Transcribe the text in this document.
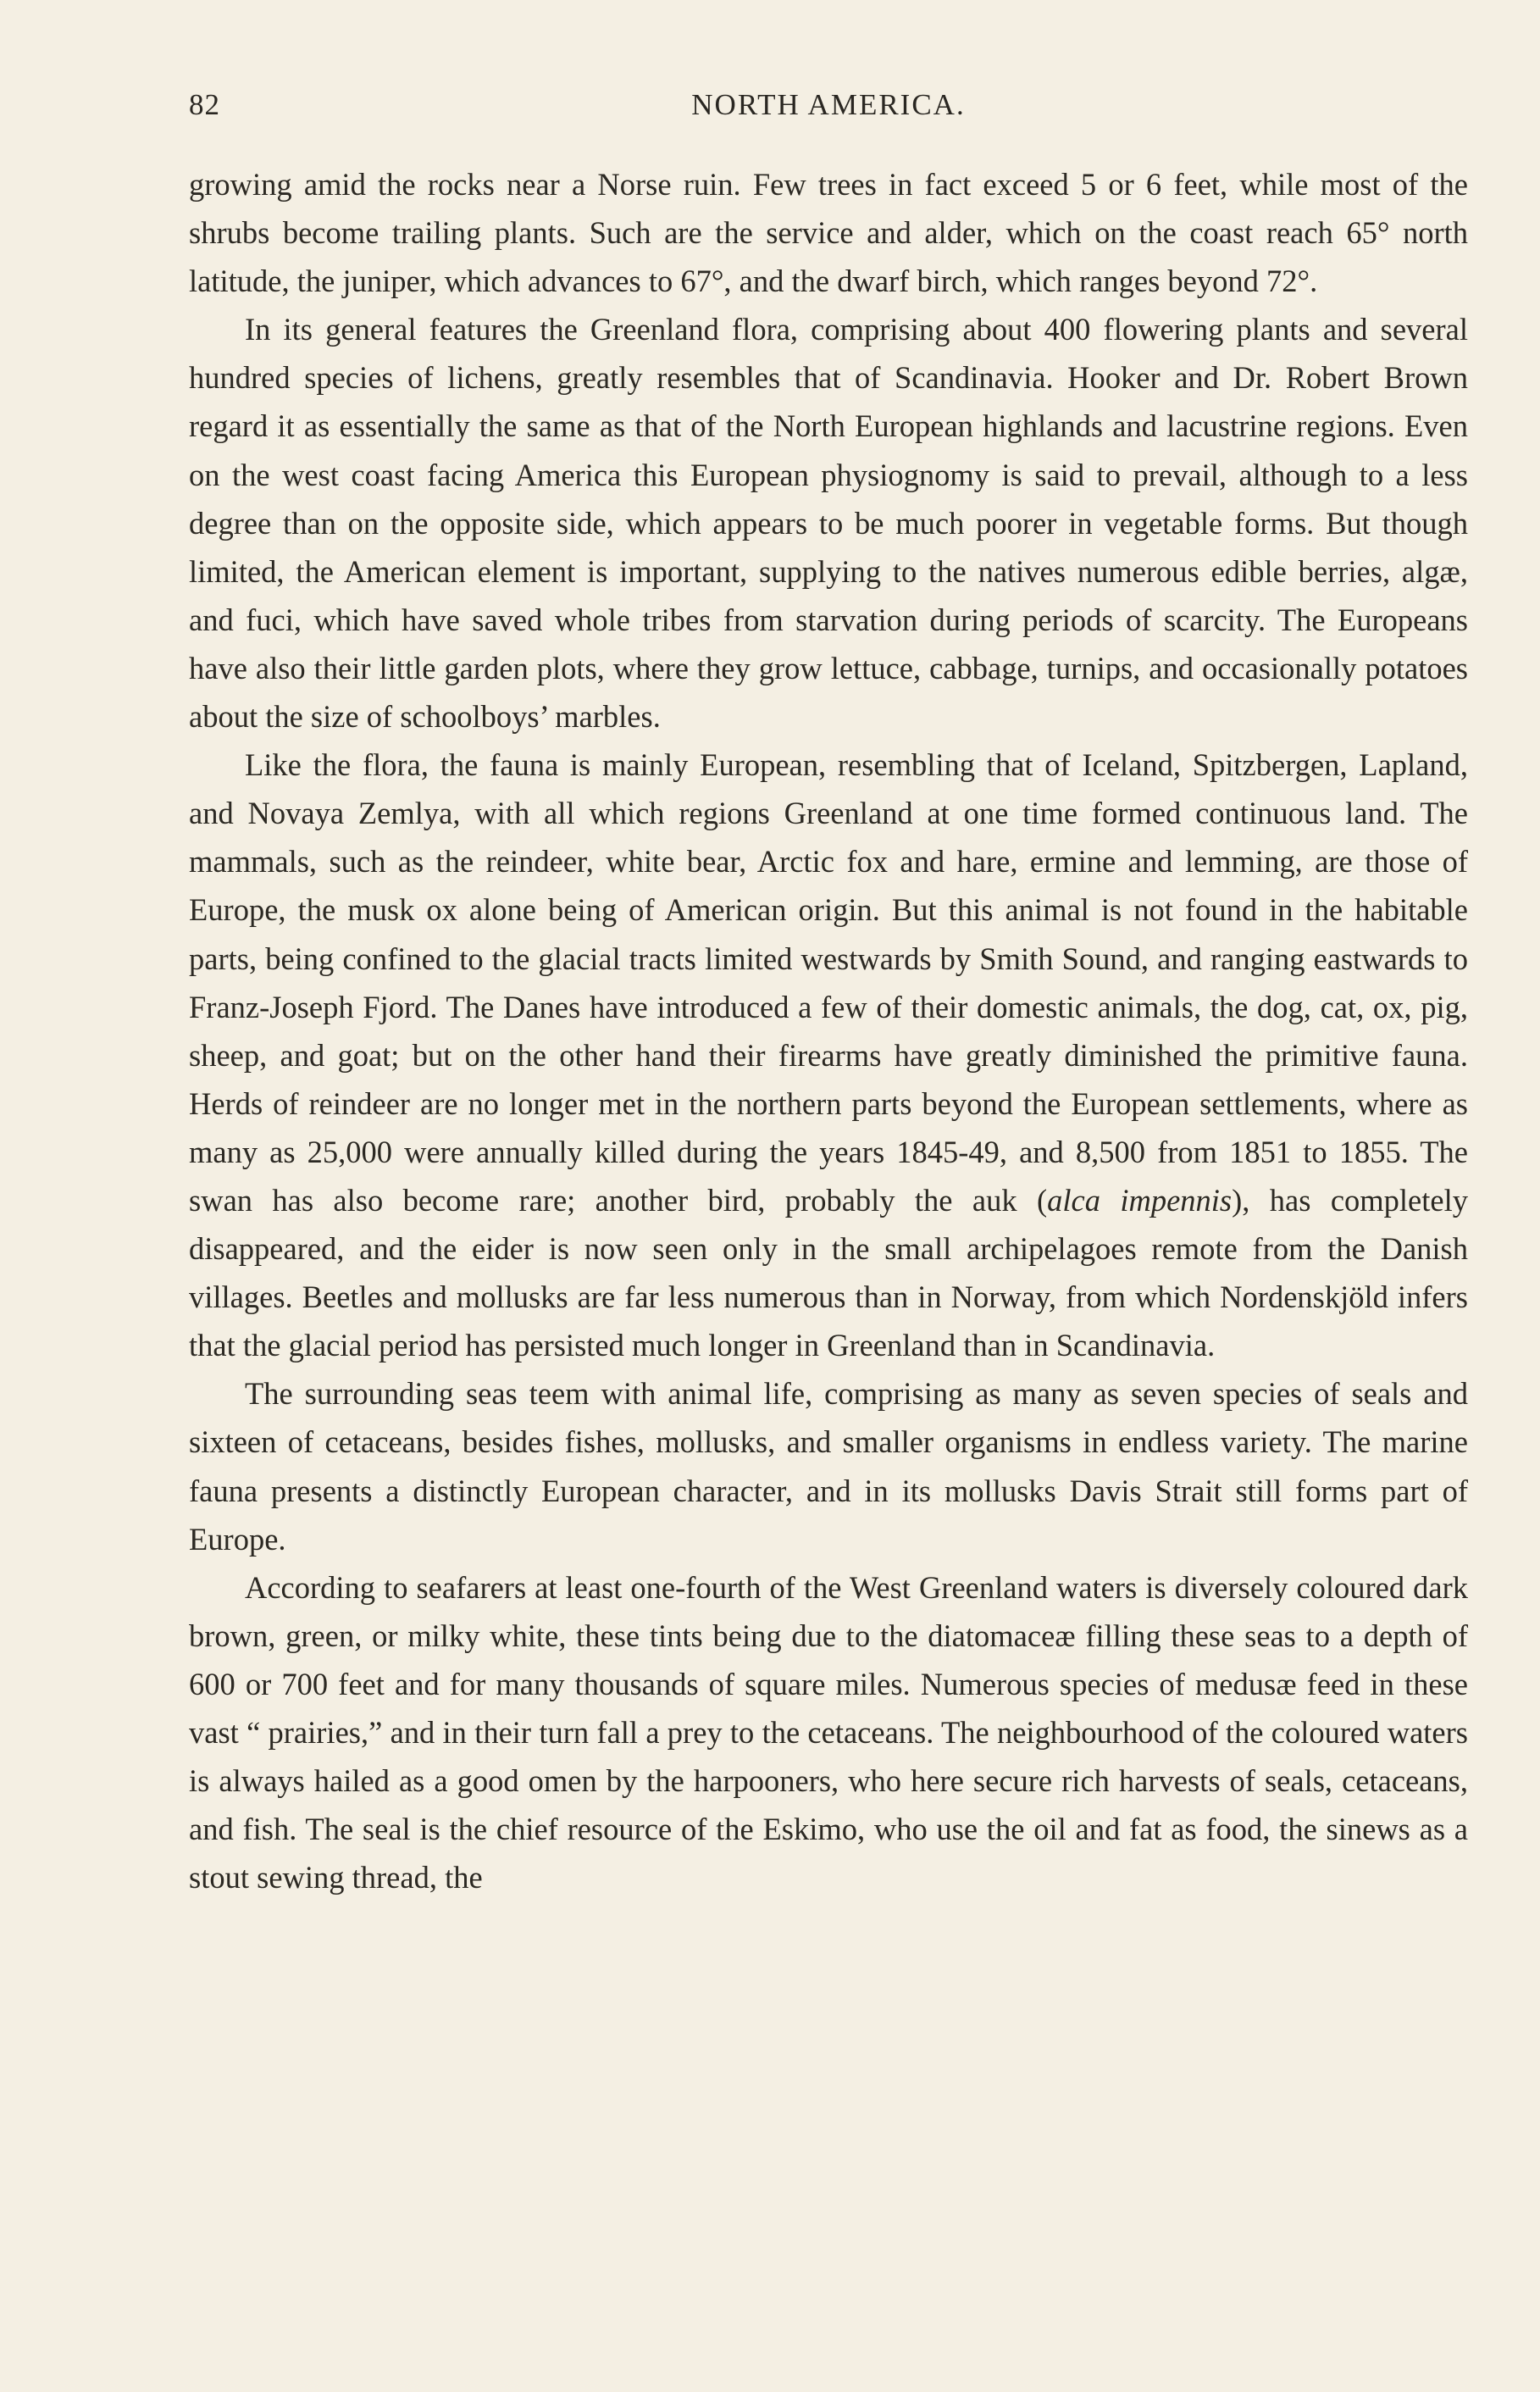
82	NORTH AMERICA.

growing amid the rocks near a Norse ruin. Few trees in fact exceed 5 or 6 feet, while most of the shrubs become trailing plants. Such are the service and alder, which on the coast reach 65° north latitude, the juniper, which advances to 67°, and the dwarf birch, which ranges beyond 72°.

In its general features the Greenland flora, comprising about 400 flowering plants and several hundred species of lichens, greatly resembles that of Scandinavia. Hooker and Dr. Robert Brown regard it as essentially the same as that of the North European highlands and lacustrine regions. Even on the west coast facing America this European physiognomy is said to prevail, although to a less degree than on the opposite side, which appears to be much poorer in vegetable forms. But though limited, the American element is important, supplying to the natives numerous edible berries, algæ, and fuci, which have saved whole tribes from starvation during periods of scarcity. The Europeans have also their little garden plots, where they grow lettuce, cabbage, turnips, and occasionally potatoes about the size of schoolboys’ marbles.

Like the flora, the fauna is mainly European, resembling that of Iceland, Spitzbergen, Lapland, and Novaya Zemlya, with all which regions Greenland at one time formed continuous land. The mammals, such as the reindeer, white bear, Arctic fox and hare, ermine and lemming, are those of Europe, the musk ox alone being of American origin. But this animal is not found in the habitable parts, being confined to the glacial tracts limited westwards by Smith Sound, and ranging eastwards to Franz-Joseph Fjord. The Danes have introduced a few of their domestic animals, the dog, cat, ox, pig, sheep, and goat; but on the other hand their firearms have greatly diminished the primitive fauna. Herds of reindeer are no longer met in the northern parts beyond the European settlements, where as many as 25,000 were annually killed during the years 1845-49, and 8,500 from 1851 to 1855. The swan has also become rare; another bird, probably the auk (alca impennis), has completely disappeared, and the eider is now seen only in the small archipelagoes remote from the Danish villages. Beetles and mollusks are far less numerous than in Norway, from which Nordenskjöld infers that the glacial period has persisted much longer in Greenland than in Scandinavia.

The surrounding seas teem with animal life, comprising as many as seven species of seals and sixteen of cetaceans, besides fishes, mollusks, and smaller organisms in endless variety. The marine fauna presents a distinctly European character, and in its mollusks Davis Strait still forms part of Europe.

According to seafarers at least one-fourth of the West Greenland waters is diversely coloured dark brown, green, or milky white, these tints being due to the diatomaceæ filling these seas to a depth of 600 or 700 feet and for many thousands of square miles. Numerous species of medusæ feed in these vast “ prairies,” and in their turn fall a prey to the cetaceans. The neighbourhood of the coloured waters is always hailed as a good omen by the harpooners, who here secure rich harvests of seals, cetaceans, and fish. The seal is the chief resource of the Eskimo, who use the oil and fat as food, the sinews as a stout sewing thread, the
